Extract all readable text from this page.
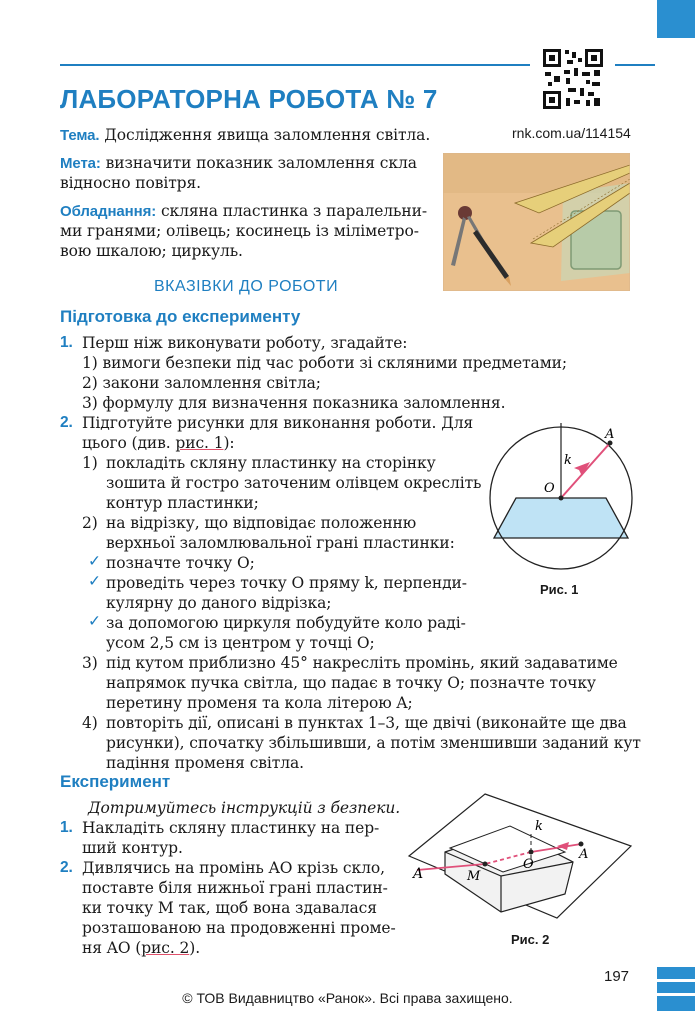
ЛАБОРАТОРНА РОБОТА № 7
rnk.com.ua/114154
Тема. Дослідження явища заломлення світла.
Мета: визначити показник заломлення скла
відносно повітря.
Обладнання: скляна пластинка з паралельни-
ми гранями; олівець; косинець із міліметро-
вою шкалою; циркуль.
ВКАЗІВКИ ДО РОБОТИ
Підготовка до експерименту
1. Перш ніж виконувати роботу, згадайте:
1) вимоги безпеки під час роботи зі скляними предметами;
2) закони заломлення світла;
3) формулу для визначення показника заломлення.
2. Підготуйте рисунки для виконання роботи. Для
цього (див. рис. 1):
1) покладіть скляну пластинку на сторінку
зошита й гостро заточеним олівцем окресліть
контур пластинки;
2) на відрізку, що відповідає положенню
верхньої заломлювальної грані пластинки:
✓ позначте точку O;
✓ проведіть через точку O пряму k, перпенди-
кулярну до даного відрізка;
✓ за допомогою циркуля побудуйте коло раді-
усом 2,5 см із центром у точці O;
3) під кутом приблизно 45° накресліть промінь, який задаватиме
напрямок пучка світла, що падає в точку O; позначте точку
перетину променя та кола літерою A;
4) повторіть дії, описані в пунктах 1–3, ще двічі (виконайте ще два
рисунки), спочатку збільшивши, а потім зменшивши заданий кут
падіння променя світла.
A
k
O
Рис. 1
Експеримент
Дотримуйтесь інструкцій з безпеки.
1. Накладіть скляну пластинку на пер-
ший контур.
2. Дивлячись на промінь AO крізь скло,
поставте біля нижньої грані пластин-
ки точку M так, щоб вона здавалася
розташованою на продовженні проме-
ня AO (рис. 2).
k
O
A
M
A
Рис. 2
197
© ТОВ Видавництво «Ранок». Всі права захищено.
